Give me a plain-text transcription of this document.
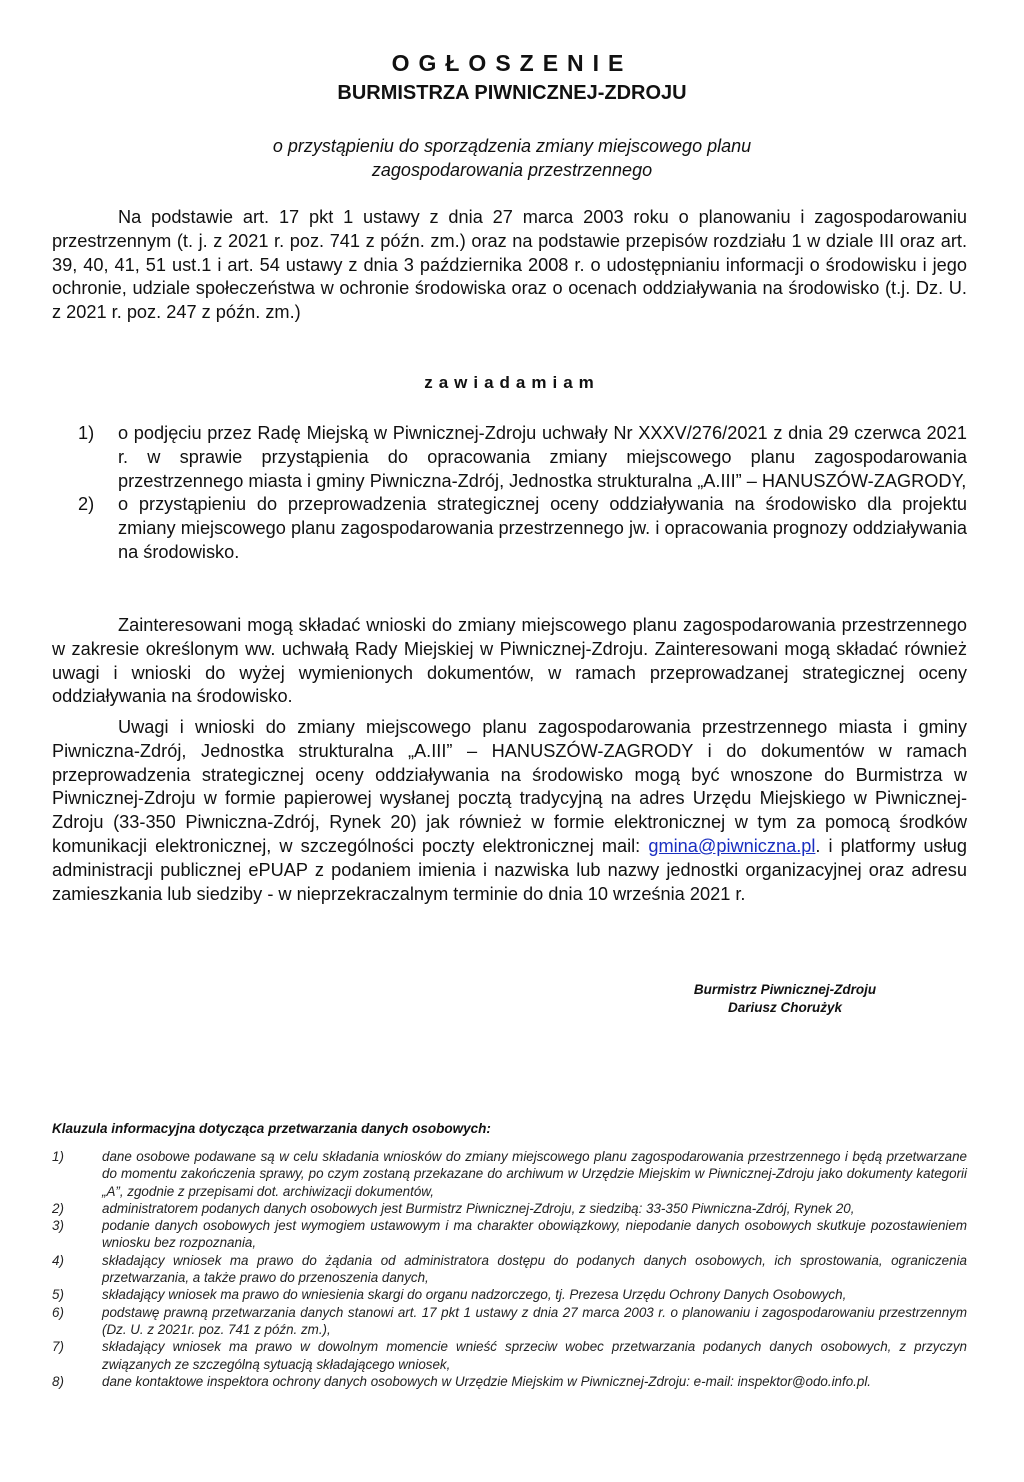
OGŁOSZENIE
BURMISTRZA PIWNICZNEJ-ZDROJU
o przystąpieniu do sporządzenia zmiany miejscowego planu
zagospodarowania przestrzennego
Na podstawie art. 17 pkt 1 ustawy z dnia 27 marca 2003 roku o planowaniu i zagospodarowaniu przestrzennym (t. j. z 2021 r. poz. 741 z późn. zm.) oraz na podstawie przepisów rozdziału 1 w dziale III oraz art. 39, 40, 41, 51 ust.1 i art. 54 ustawy z dnia 3 października 2008 r. o udostępnianiu informacji o środowisku i jego ochronie, udziale społeczeństwa w ochronie środowiska oraz o ocenach oddziaływania na środowisko (t.j. Dz. U. z 2021 r. poz. 247 z późn. zm.)
zawiadamiam
1)	o podjęciu przez Radę Miejską w Piwnicznej-Zdroju uchwały Nr XXXV/276/2021 z dnia 29 czerwca 2021 r. w sprawie przystąpienia do opracowania zmiany miejscowego planu zagospodarowania przestrzennego miasta i gminy Piwniczna-Zdrój, Jednostka strukturalna „A.III” – HANUSZÓW-ZAGRODY,
2)	o przystąpieniu do przeprowadzenia strategicznej oceny oddziaływania na środowisko dla projektu zmiany miejscowego planu zagospodarowania przestrzennego jw. i opracowania prognozy oddziaływania na środowisko.
Zainteresowani mogą składać wnioski do zmiany miejscowego planu zagospodarowania przestrzennego w zakresie określonym ww. uchwałą Rady Miejskiej w Piwnicznej-Zdroju. Zainteresowani mogą składać również uwagi i wnioski do wyżej wymienionych dokumentów, w ramach przeprowadzanej strategicznej oceny oddziaływania na środowisko.
Uwagi i wnioski do zmiany miejscowego planu zagospodarowania przestrzennego miasta i gminy Piwniczna-Zdrój, Jednostka strukturalna „A.III” – HANUSZÓW-ZAGRODY i do dokumentów w ramach przeprowadzenia strategicznej oceny oddziaływania na środowisko mogą być wnoszone do Burmistrza w Piwnicznej-Zdroju w formie papierowej wysłanej pocztą tradycyjną na adres Urzędu Miejskiego w Piwnicznej-Zdroju (33-350 Piwniczna-Zdrój, Rynek 20) jak również w formie elektronicznej w tym za pomocą środków komunikacji elektronicznej, w szczególności poczty elektronicznej mail: gmina@piwniczna.pl. i platformy usług administracji publicznej ePUAP z podaniem imienia i nazwiska lub nazwy jednostki organizacyjnej oraz adresu zamieszkania lub siedziby - w nieprzekraczalnym terminie do dnia 10 września 2021 r.
Burmistrz Piwnicznej-Zdroju
Dariusz Chorużyk
Klauzula informacyjna dotycząca przetwarzania danych osobowych:
1)	dane osobowe podawane są w celu składania wniosków do zmiany miejscowego planu zagospodarowania przestrzennego i będą przetwarzane do momentu zakończenia sprawy, po czym zostaną przekazane do archiwum w Urzędzie Miejskim w Piwnicznej-Zdroju jako dokumenty kategorii „A”, zgodnie z przepisami dot. archiwizacji dokumentów,
2)	administratorem podanych danych osobowych jest Burmistrz Piwnicznej-Zdroju, z siedzibą: 33-350 Piwniczna-Zdrój, Rynek 20,
3)	podanie danych osobowych jest wymogiem ustawowym i ma charakter obowiązkowy, niepodanie danych osobowych skutkuje pozostawieniem wniosku bez rozpoznania,
4)	składający wniosek ma prawo do żądania od administratora dostępu do podanych danych osobowych, ich sprostowania, ograniczenia przetwarzania, a także prawo do przenoszenia danych,
5)	składający wniosek ma prawo do wniesienia skargi do organu nadzorczego, tj. Prezesa Urzędu Ochrony Danych Osobowych,
6)	podstawę prawną przetwarzania danych stanowi art. 17 pkt 1 ustawy z dnia 27 marca 2003 r. o planowaniu i zagospodarowaniu przestrzennym (Dz. U. z 2021r. poz. 741 z późn. zm.),
7)	składający wniosek ma prawo w dowolnym momencie wnieść sprzeciw wobec przetwarzania podanych danych osobowych, z przyczyn związanych ze szczególną sytuacją składającego wniosek,
8)	dane kontaktowe inspektora ochrony danych osobowych w Urzędzie Miejskim w Piwnicznej-Zdroju: e-mail: inspektor@odo.info.pl.
